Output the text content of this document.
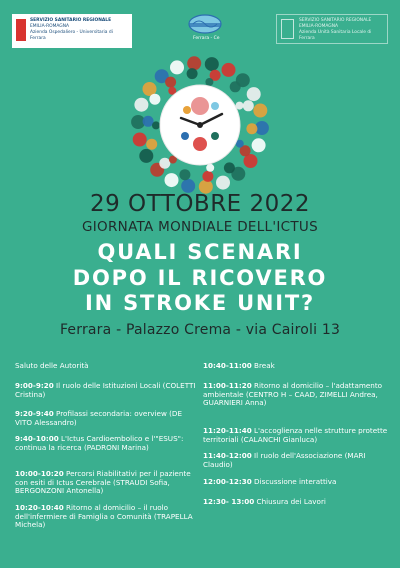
SERVIZIO SANITARIO REGIONALE
EMILIA-ROMAGNA
Azienda Ospedaliero - Universitaria di Ferrara	Ferrara - Ce
SERVIZIO SANITARIO REGIONALE
EMILIA-ROMAGNA
Azienda Unità Sanitaria Locale di Ferrara
29 OTTOBRE 2022
GIORNATA MONDIALE DELL'ICTUS
QUALI SCENARI
DOPO IL RICOVERO
IN STROKE UNIT?
Ferrara - Palazzo Crema - via Cairoli 13
Saluto delle Autorità
9:00-9:20 Il ruolo delle Istituzioni Locali (COLETTI Cristina)
9:20-9:40 Profilassi secondaria: overview (DE VITO Alessandro)
9:40-10:00 L'Ictus Cardioembolico e l'"ESUS": continua la ricerca (PADRONI Marina)
10:00-10:20 Percorsi Riabilitativi per il paziente con esiti di Ictus Cerebrale (STRAUDI Sofia, BERGONZONI Antonella)
10:20-10:40 Ritorno al domicilio – il ruolo dell'infermiere di Famiglia o Comunità (TRAPELLA Michela)
10:40-11:00 Break
11:00-11:20 Ritorno al domicilio – l'adattamento ambientale (CENTRO H – CAAD, ZIMELLI Andrea, GUARNIERI Anna)
11:20-11:40 L'accoglienza nelle strutture protette territoriali (CALANCHI Gianluca)
11:40-12:00 Il ruolo dell'Associazione (MARI Claudio)
12:00-12:30 Discussione interattiva
12:30- 13:00 Chiusura dei Lavori
